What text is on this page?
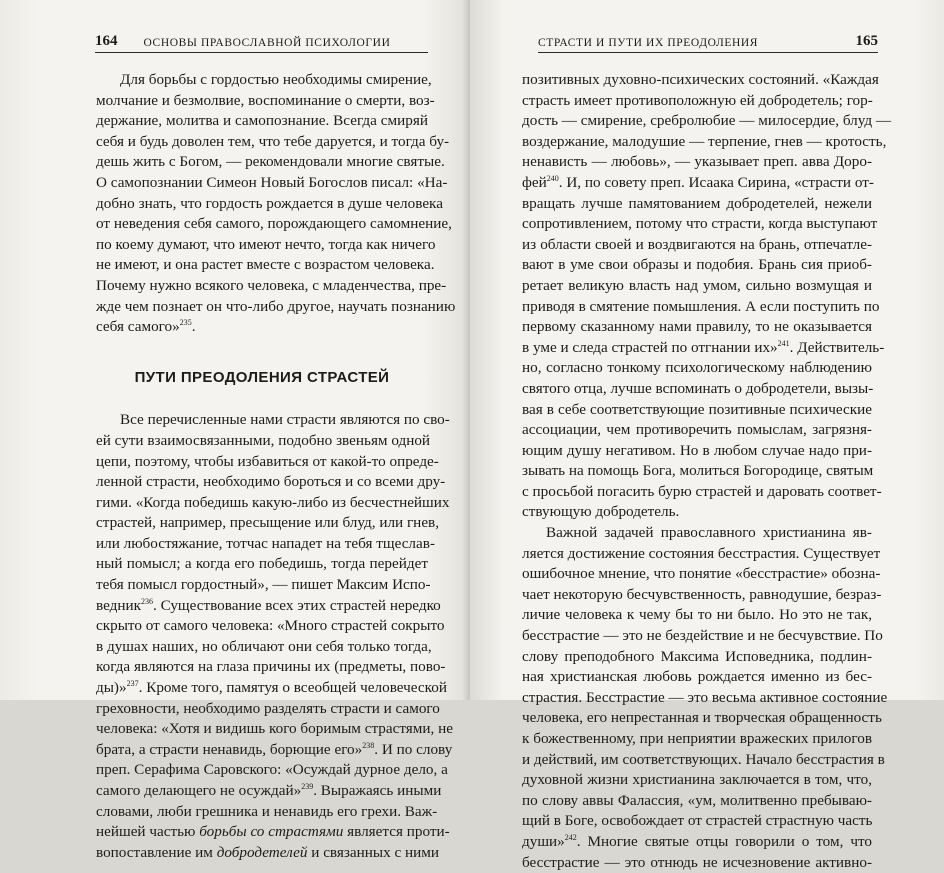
164 ОСНОВЫ ПРАВОСЛАВНОЙ ПСИХОЛОГИИ
Для борьбы с гордостью необходимы смирение,
молчание и безмолвие, воспоминание о смерти, воз-
держание, молитва и самопознание. Всегда смиряй
себя и будь доволен тем, что тебе даруется, и тогда бу-
дешь жить с Богом, — рекомендовали многие святые.
О самопознании Симеон Новый Богослов писал: «На-
добно знать, что гордость рождается в душе человека
от неведения себя самого, порождающего самомнение,
по коему думают, что имеют нечто, тогда как ничего
не имеют, и она растет вместе с возрастом человека.
Почему нужно всякого человека, с младенчества, пре-
жде чем познает он что-либо другое, научать познанию
себя самого»$^{235}$.
ПУТИ ПРЕОДОЛЕНИЯ СТРАСТЕЙ
Все перечисленные нами страсти являются по сво-
ей сути взаимосвязанными, подобно звеньям одной
цепи, поэтому, чтобы избавиться от какой-то опреде-
ленной страсти, необходимо бороться и со всеми дру-
гими. «Когда победишь какую-либо из бесчестнейших
страстей, например, пресыщение или блуд, или гнев,
или любостяжание, тотчас нападет на тебя тщеслав-
ный помысл; а когда его победишь, тогда перейдет
тебя помысл гордостный», — пишет Максим Испо-
ведник$^{236}$. Существование всех этих страстей нередко
скрыто от самого человека: «Много страстей сокрыто
в душах наших, но обличают они себя только тогда,
когда являются на глаза причины их (предметы, пово-
ды)»$^{237}$. Кроме того, памятуя о всеобщей человеческой
греховности, необходимо разделять страсти и самого
человека: «Хотя и видишь кого боримым страстями, не
брата, а страсти ненавидь, борющие его»$^{238}$. И по слову
преп. Серафима Саровского: «Осуждай дурное дело, а
самого делающего не осуждай»$^{239}$. Выражаясь иными
словами, люби грешника и ненавидь его грехи. Важ-
нейшей частью борьбы со страстями является проти-
вопоставление им добродетелей и связанных с ними
СТРАСТИ И ПУТИ ИХ ПРЕОДОЛЕНИЯ	165
позитивных духовно-психических состояний. «Каждая
страсть имеет противоположную ей добродетель; гор-
дость — смирение, сребролюбие — милосердие, блуд —
воздержание, малодушие — терпение, гнев — кротость,
ненависть — любовь», — указывает преп. авва Доро-
фей$^{240}$. И, по совету преп. Исаака Сирина, «страсти от-
вращать лучше памятованием добродетелей, нежели
сопротивлением, потому что страсти, когда выступают
из области своей и воздвигаются на брань, отпечатле-
вают в уме свои образы и подобия. Брань сия приоб-
ретает великую власть над умом, сильно возмущая и
приводя в смятение помышления. А если поступить по
первому сказанному нами правилу, то не оказывается
в уме и следа страстей по отгнании их»$^{241}$. Действитель-
но, согласно тонкому психологическому наблюдению
святого отца, лучше вспоминать о добродетели, вызы-
вая в себе соответствующие позитивные психические
ассоциации, чем противоречить помыслам, загрязня-
ющим душу негативом. Но в любом случае надо при-
зывать на помощь Бога, молиться Богородице, святым
с просьбой погасить бурю страстей и даровать соответ-
ствующую добродетель.
Важной задачей православного христианина яв-
ляется достижение состояния бесстрастия. Существует
ошибочное мнение, что понятие «бесстрастие» обозна-
чает некоторую бесчувственность, равнодушие, безраз-
личие человека к чему бы то ни было. Но это не так,
бесстрастие — это не бездействие и не бесчувствие. По
слову преподобного Максима Исповедника, подлин-
ная христианская любовь рождается именно из бес-
страстия. Бесстрастие — это весьма активное состояние
человека, его непрестанная и творческая обращенность
к божественному, при неприятии вражеских прилогов
и действий, им соответствующих. Начало бесстрастия в
духовной жизни христианина заключается в том, что,
по слову аввы Фалассия, «ум, молитвенно пребываю-
щий в Боге, освобождает от страстей страстную часть
души»$^{242}$. Многие святые отцы говорили о том, что
бесстрастие — это отнюдь не исчезновение активно-
